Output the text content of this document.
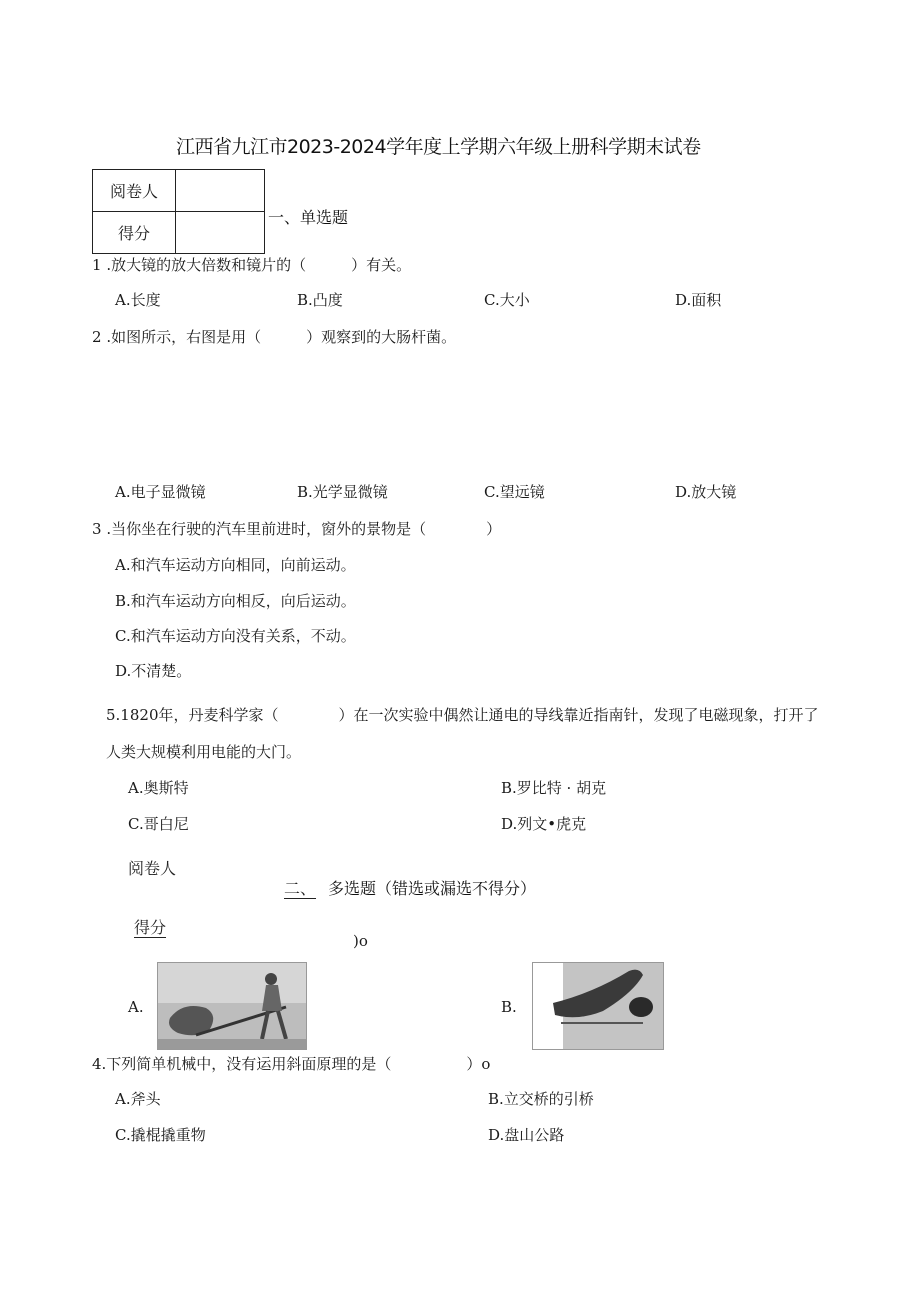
江西省九江市2023-2024学年度上学期六年级上册科学期末试卷
阅卷人	
得分	
一、单选题
1 .放大镜的放大倍数和镜片的（　　　）有关。
A.长度	B.凸度	C.大小	D.面积
2 .如图所示，右图是用（　　　）观察到的大肠杆菌。
A.电子显微镜	B.光学显微镜	C.望远镜	D.放大镜
3 .当你坐在行驶的汽车里前进时，窗外的景物是（　　　　）
A.和汽车运动方向相同，向前运动。
B.和汽车运动方向相反，向后运动。
C.和汽车运动方向没有关系，不动。
D.不清楚。
5.1820年，丹麦科学家（　　　　）在一次实验中偶然让通电的导线靠近指南针，发现了电磁现象，打开了
人类大规模利用电能的大门。
A.奥斯特	B.罗比特 · 胡克
C.哥白尼	D.列文•虎克
阅卷人
二、 多选题（错选或漏选不得分）
得分
)o
A.	B.
4.下列简单机械中，没有运用斜面原理的是（　　　　　）o
A.斧头	B.立交桥的引桥
C.撬棍撬重物	D.盘山公路
